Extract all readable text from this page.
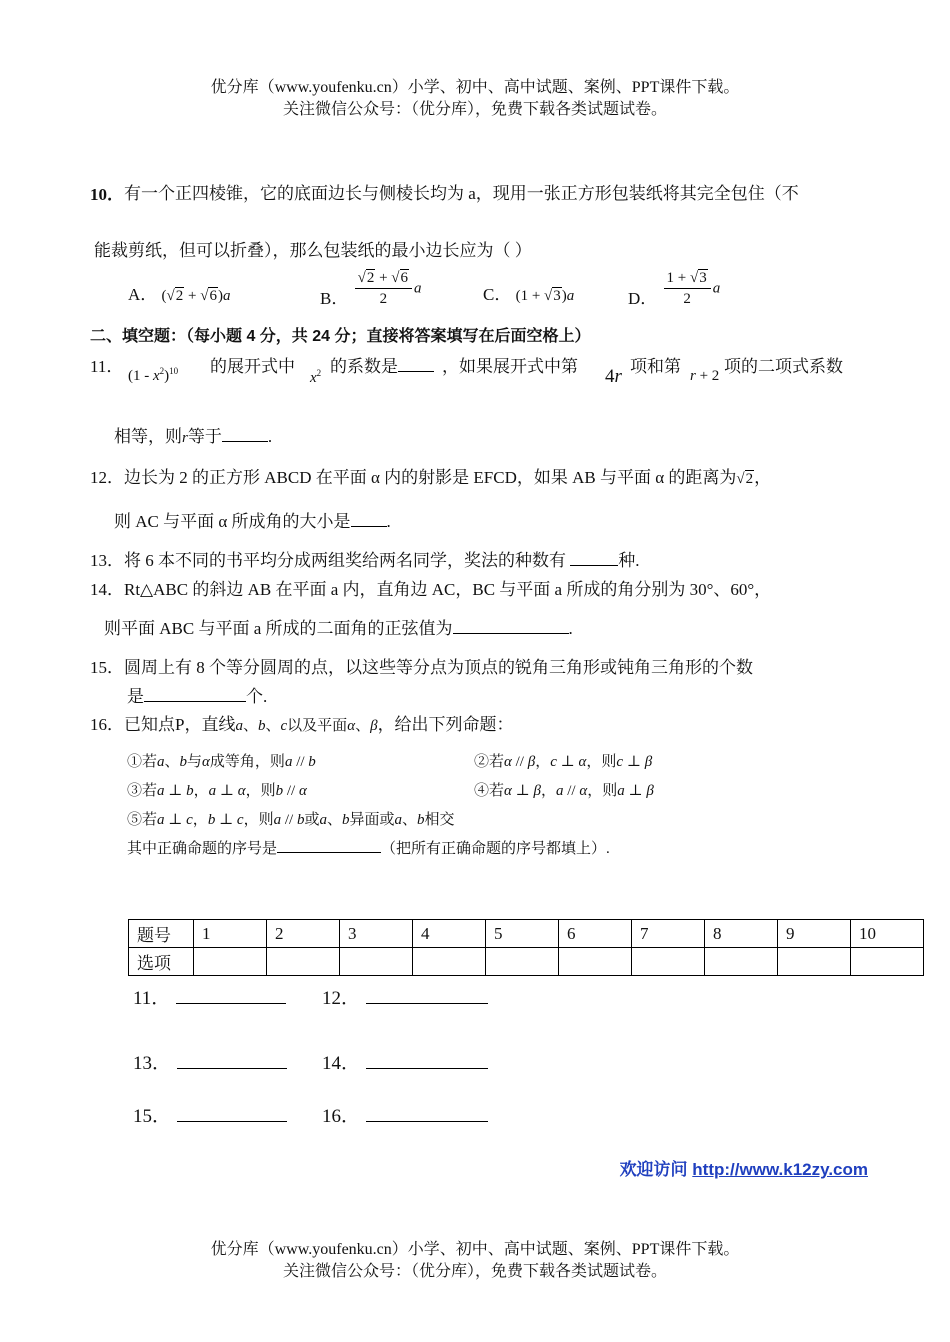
优分库（www.youfenku.cn）小学、初中、高中试题、案例、PPT课件下载。
关注微信公众号：（优分库），免费下载各类试题试卷。
10．有一个正四棱锥，它的底面边长与侧棱长均为 a，现用一张正方形包装纸将其完全包住（不
能裁剪纸，但可以折叠），那么包装纸的最小边长应为（ ）
A． (√2 + √6)a	B． $\frac{√2 + √6}{2}$ a	C． (1 + √3)a	D． $\frac{1 + √3}{2}$ a
二、填空题：（每小题 4 分，共 24 分；直接将答案填写在后面空格上）
11． $(1 - x^2)^{10}$ 的展开式中
$x^2$ 的系数是	，如果展开式中第 4r 项和第 r + 2 项的二项式系数
相等，则r等于	.
12．边长为 2 的正方形 ABCD 在平面 α 内的射影是 EFCD，如果 AB 与平面 α 的距离为√2，
则 AC 与平面 α 所成角的大小是 .
13．将 6 本不同的书平均分成两组奖给两名同学，奖法的种数有	种.
14．Rt△ABC 的斜边 AB 在平面 a 内，直角边 AC，BC 与平面 a 所成的角分别为 30°、60°，
则平面 ABC 与平面 a 所成的二面角的正弦值为	.
15．圆周上有 8 个等分圆周的点，以这些等分点为顶点的锐角三角形或钝角三角形的个数
是	个.
16．已知点P，直线a、b、c以及平面α、β，给出下列命题：
①若a、b与α成等角，则a // b	②若α // β，c ⊥ α，则c ⊥ β
③若a ⊥ b，a ⊥ α，则b // α	④若α ⊥ β，a // α，则a ⊥ β
⑤若a ⊥ c，b ⊥ c，则a // b或a、b异面或a、b相交
其中正确命题的序号是	（把所有正确命题的序号都填上）.
题号	1	2	3	4	5	6	7	8	9	10
选项										
11．	12．
13．	14．
15．	16．
欢迎访问 http://www.k12zy.com
优分库（www.youfenku.cn）小学、初中、高中试题、案例、PPT课件下载。
关注微信公众号：（优分库），免费下载各类试题试卷。
